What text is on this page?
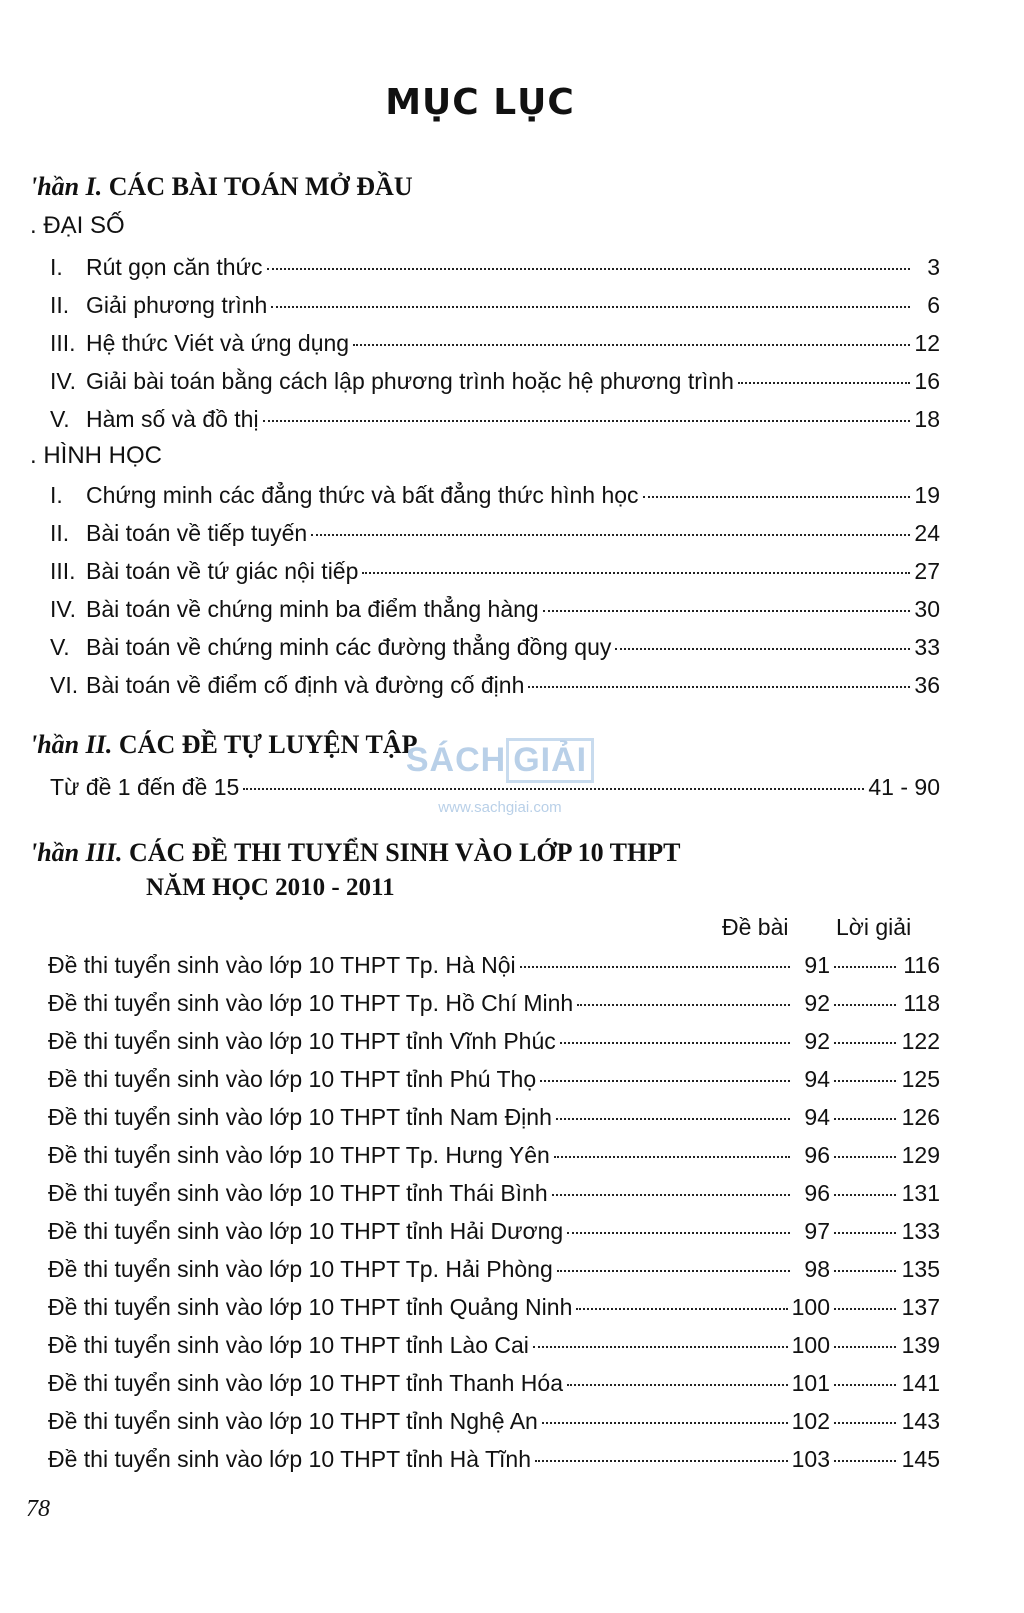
MỤC LỤC
'hần I. CÁC BÀI TOÁN MỞ ĐẦU
. ĐẠI SỐ
I.	Rút gọn căn thức	3
II. Giải phương trình	6
III. Hệ thức Viét và ứng dụng	12
IV. Giải bài toán bằng cách lập phương trình hoặc hệ phương trình	16
V. Hàm số và đồ thị	18
. HÌNH HỌC
I.	Chứng minh các đẳng thức và bất đẳng thức hình học	19
II. Bài toán về tiếp tuyến	24
III. Bài toán về tứ giác nội tiếp	27
IV. Bài toán về chứng minh ba điểm thẳng hàng	30
V. Bài toán về chứng minh các đường thẳng đồng quy	33
VI. Bài toán về điểm cố định và đường cố định	36
'hần II. CÁC ĐỀ TỰ LUYỆN TẬP
Từ đề 1 đến đề 15	41 - 90
SÁCH GIẢI
www.sachgiai.com
'hần III. CÁC ĐỀ THI TUYỂN SINH VÀO LỚP 10 THPT
NĂM HỌC 2010 - 2011
Đề bài Lời giải
Đề thi tuyển sinh vào lớp 10 THPT Tp. Hà Nội	91	116
Đề thi tuyển sinh vào lớp 10 THPT Tp. Hồ Chí Minh	92	118
Đề thi tuyển sinh vào lớp 10 THPT tỉnh Vĩnh Phúc	92	122
Đề thi tuyển sinh vào lớp 10 THPT tỉnh Phú Thọ	94	125
Đề thi tuyển sinh vào lớp 10 THPT tỉnh Nam Định	94	126
Đề thi tuyển sinh vào lớp 10 THPT Tp. Hưng Yên	96	129
Đề thi tuyển sinh vào lớp 10 THPT tỉnh Thái Bình	96	131
Đề thi tuyển sinh vào lớp 10 THPT tỉnh Hải Dương	97	133
Đề thi tuyển sinh vào lớp 10 THPT Tp. Hải Phòng	98	135
Đề thi tuyển sinh vào lớp 10 THPT tỉnh Quảng Ninh	100	137
Đề thi tuyển sinh vào lớp 10 THPT tỉnh Lào Cai	100	139
Đề thi tuyển sinh vào lớp 10 THPT tỉnh Thanh Hóa	101	141
Đề thi tuyển sinh vào lớp 10 THPT tỉnh Nghệ An	102	143
Đề thi tuyển sinh vào lớp 10 THPT tỉnh Hà Tĩnh	103	145
78
